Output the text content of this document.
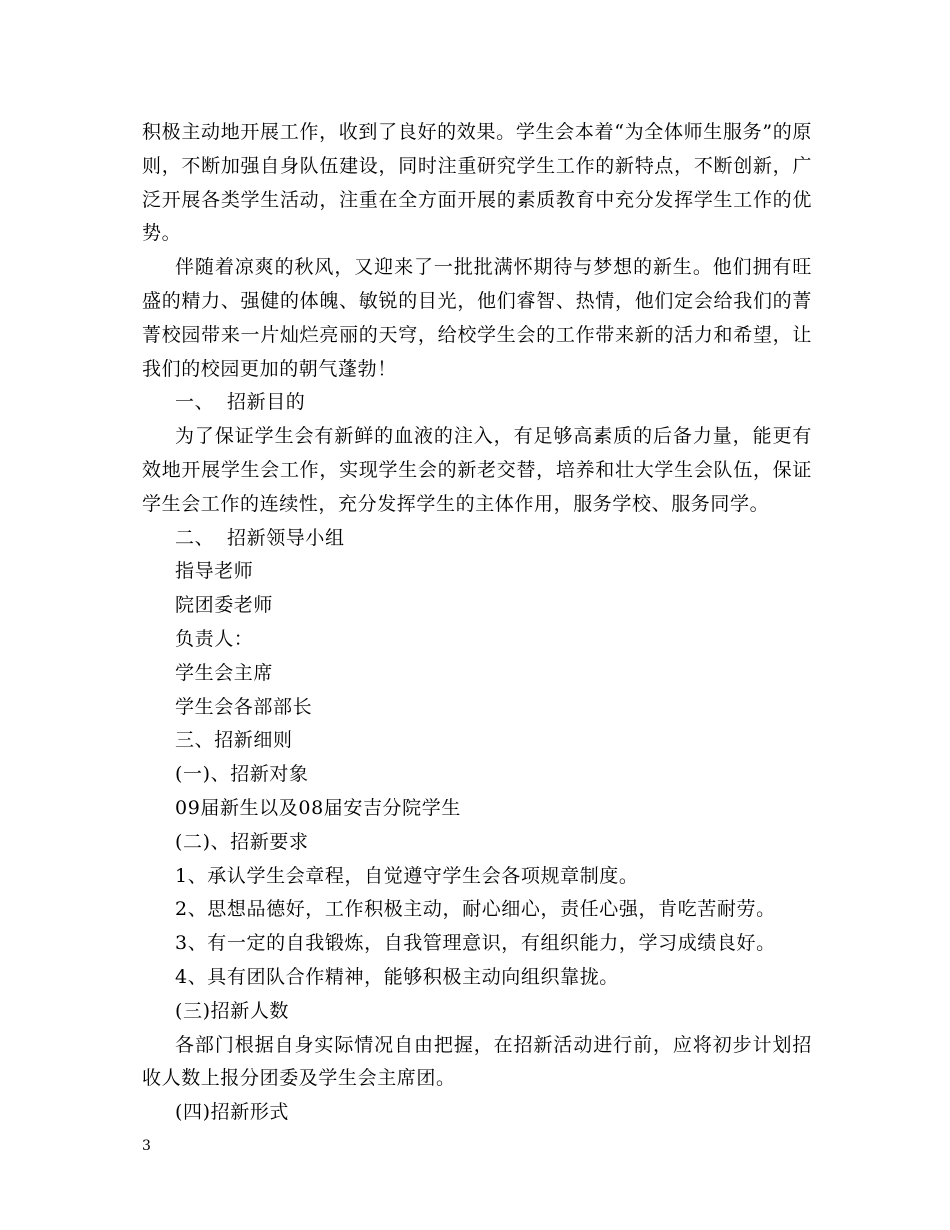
积极主动地开展工作，收到了良好的效果。学生会本着“为全体师生服务”的原则，不断加强自身队伍建设，同时注重研究学生工作的新特点，不断创新，广泛开展各类学生活动，注重在全方面开展的素质教育中充分发挥学生工作的优势。

伴随着凉爽的秋风，又迎来了一批批满怀期待与梦想的新生。他们拥有旺盛的精力、强健的体魄、敏锐的目光，他们睿智、热情，他们定会给我们的菁菁校园带来一片灿烂亮丽的天穹，给校学生会的工作带来新的活力和希望，让我们的校园更加的朝气蓬勃！

一、 招新目的

为了保证学生会有新鲜的血液的注入，有足够高素质的后备力量，能更有效地开展学生会工作，实现学生会的新老交替，培养和壮大学生会队伍，保证学生会工作的连续性，充分发挥学生的主体作用，服务学校、服务同学。

二、 招新领导小组

指导老师

院团委老师

负责人：

学生会主席

学生会各部部长

三、招新细则

(一)、招新对象

09届新生以及08届安吉分院学生

(二)、招新要求

1、承认学生会章程，自觉遵守学生会各项规章制度。

2、思想品德好，工作积极主动，耐心细心，责任心强，肯吃苦耐劳。

3、有一定的自我锻炼，自我管理意识，有组织能力，学习成绩良好。

4、具有团队合作精神，能够积极主动向组织靠拢。

(三)招新人数

各部门根据自身实际情况自由把握，在招新活动进行前，应将初步计划招收人数上报分团委及学生会主席团。

(四)招新形式

3
